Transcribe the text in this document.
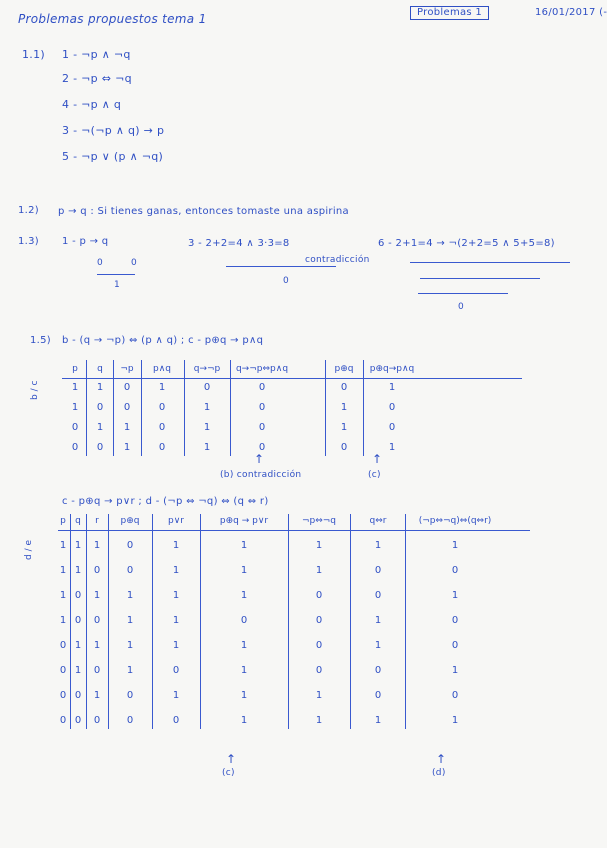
Problemas propuestos tema 1	Problemas 1	16/01/2017 (-
1.1) 1 - ¬p ∧ ¬q
2 - ¬p ⇔ ¬q
4 - ¬p ∧ q
3 - ¬(¬p ∧ q) → p
5 - ¬p ∨ (p ∧ ¬q)
1.2) p → q : Si tienes ganas, entonces tomaste una aspirina
1.3) 1 - p → q
0	0
1
3 - 2+2=4 ∧ 3·3=8
contradicción
0
6 - 2+1=4 → ¬(2+2=5 ∧ 5+5=8)
0
1.5) b - (q → ¬p) ⇔ (p ∧ q) ; c - p⊕q → p∧q
b / c
p	q	¬p	p∧q	q→¬p	q→¬p⇔p∧q	p⊕q	p⊕q→p∧q
1	1	0	1	0	0	0	1
1	0	0	0	1	0	1	0
0	1	1	0	1	0	1	0
0	0	1	0	1	0	0	1
↑
(b) contradicción
↑
(c)
c - p⊕q → p∨r ; d - (¬p ⇔ ¬q) ⇔ (q ⇔ r)
d / e
p	q	r	p⊕q	p∨r	p⊕q → p∨r	¬p⇔¬q	q⇔r	(¬p⇔¬q)⇔(q⇔r)
1 1	1	0	1	1	1	1	1
1 1	0	0	1	1	1	0	0
1 0	1	1	1	1	0	0	1
1 0	0	1	1	0	0	1	0
0 1	1	1	1	1	0	1	0
0 1	0	1	0	1	0	0	1
0 0	1	0	1	1	1	0	0
0 0	0	0	0	1	1	1	1
↑
(c)
↑
(d)
